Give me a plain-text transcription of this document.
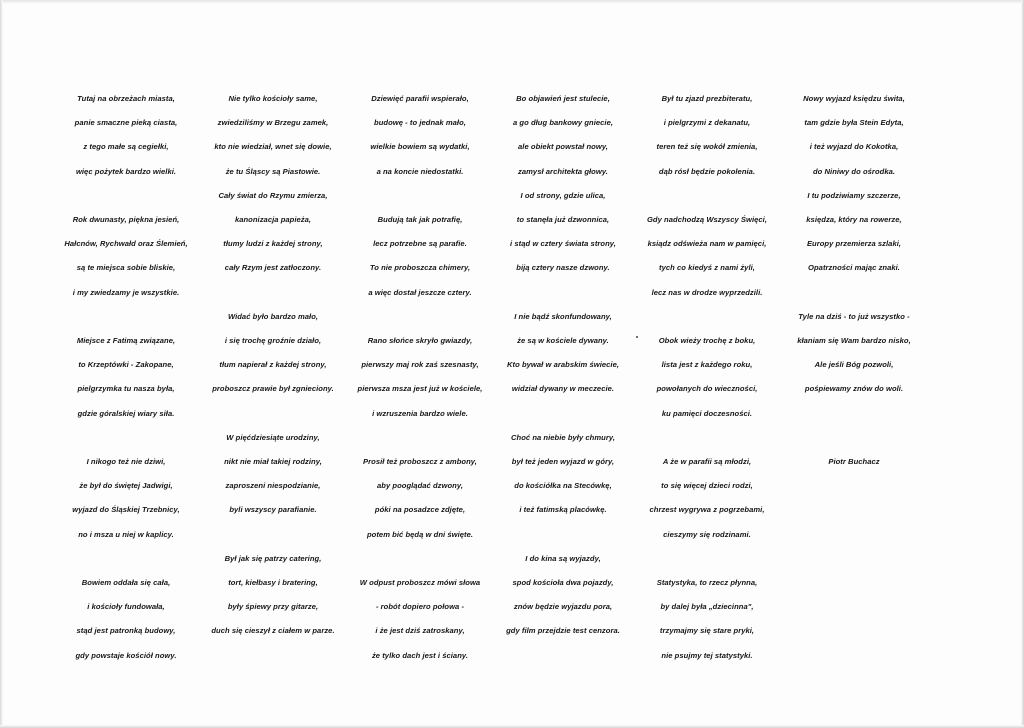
Tutaj na obrzeżach miasta,
panie smaczne pieką ciasta,
z tego małe są cegiełki,
więc pożytek bardzo wielki.
Rok dwunasty, piękna jesień,
Hałcnów, Rychwałd oraz Ślemień,
są te miejsca sobie bliskie,
i my zwiedzamy je wszystkie.
Miejsce z Fatimą związane,
to Krzeptówki - Zakopane,
pielgrzymka tu nasza była,
gdzie góralskiej wiary siła.
I nikogo też nie dziwi,
że był do świętej Jadwigi,
wyjazd do Śląskiej Trzebnicy,
no i msza u niej w kaplicy.
Bowiem oddała się cała,
i kościoły fundowała,
stąd jest patronką budowy,
gdy powstaje kościół nowy.
Nie tylko kościoły same,
zwiedziliśmy w Brzegu zamek,
kto nie wiedział, wnet się dowie,
że tu Śląscy są Piastowie.
Cały świat do Rzymu zmierza,
kanonizacja papieża,
tłumy ludzi z każdej strony,
cały Rzym jest zatłoczony.
Widać było bardzo mało,
i się trochę groźnie działo,
tłum napierał z każdej strony,
proboszcz prawie był zgnieciony.
W pięćdziesiąte urodziny,
nikt nie miał takiej rodziny,
zaproszeni niespodzianie,
byli wszyscy parafianie.
Był jak się patrzy catering,
tort, kiełbasy i bratering,
były śpiewy przy gitarze,
duch się cieszył z ciałem w parze.
Dziewięć parafii wspierało,
budowę - to jednak mało,
wielkie bowiem są wydatki,
a na koncie niedostatki.
Budują tak jak potrafię,
lecz potrzebne są parafie.
To nie proboszcza chimery,
a więc dostał jeszcze cztery.
Rano słońce skryło gwiazdy,
pierwszy maj rok zaś szesnasty,
pierwsza msza jest już w kościele,
i wzruszenia bardzo wiele.
Prosił też proboszcz z ambony,
aby pooglądać dzwony,
póki na posadzce zdjęte,
potem bić będą w dni święte.
W odpust proboszcz mówi słowa
- robót dopiero połowa -
i że jest dziś zatroskany,
że tylko dach jest i ściany.
Bo objawień jest stulecie,
a go dług bankowy gniecie,
ale obiekt powstał nowy,
zamysł architekta głowy.
I od strony, gdzie ulica,
to stanęła już dzwonnica,
i stąd w cztery świata strony,
biją cztery nasze dzwony.
I nie bądź skonfundowany,
że są w kościele dywany.
Kto bywał w arabskim świecie,
widział dywany w meczecie.
Choć na niebie były chmury,
był też jeden wyjazd w góry,
do kościółka na Stecówkę,
i też fatimską placówkę.
I do kina są wyjazdy,
spod kościoła dwa pojazdy,
znów będzie wyjazdu pora,
gdy film przejdzie test cenzora.
Był tu zjazd prezbiteratu,
i pielgrzymi z dekanatu,
teren też się wokół zmienia,
dąb rósł będzie pokolenia.
Gdy nadchodzą Wszyscy Święci,
ksiądz odświeża nam w pamięci,
tych co kiedyś z nami żyli,
lecz nas w drodze wyprzedzili.
Obok wieży trochę z boku,
lista jest z każdego roku,
powołanych do wieczności,
ku pamięci doczesności.
A że w parafii są młodzi,
to się więcej dzieci rodzi,
chrzest wygrywa z pogrzebami,
cieszymy się rodzinami.
Statystyka, to rzecz płynna,
by dalej była „dziecinna",
trzymajmy się stare pryki,
nie psujmy tej statystyki.
Nowy wyjazd księdzu świta,
tam gdzie była Stein Edyta,
i też wyjazd do Kokotka,
do Niniwy do ośrodka.
I tu podziwiamy szczerze,
księdza, który na rowerze,
Europy przemierza szlaki,
Opatrzności mając znaki.
Tyle na dziś - to już wszystko -
kłaniam się Wam bardzo nisko,
Ale jeśli Bóg pozwoli,
pośpiewamy znów do woli.
Piotr Buchacz
